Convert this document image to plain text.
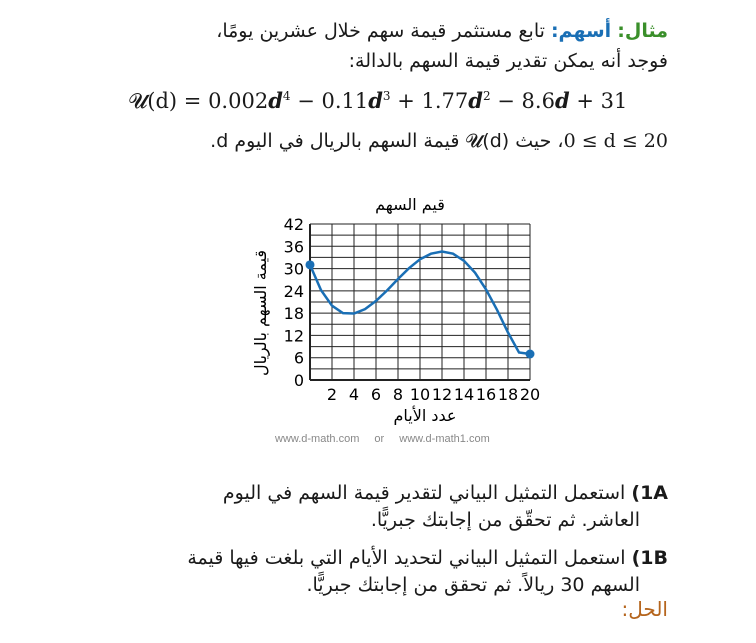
مثال: أسهم: تابع مستثمر قيمة سهم خلال عشرين يومًا،
فوجد أنه يمكن تقدير قيمة السهم بالدالة:
𝓤(d) = $0.002d^4 - 0.11d^3 + 1.77d^2 - 8.6d + 31$
0 ≤ d ≤ 20، حيث 𝓤(d) قيمة السهم بالريال في اليوم d.
قيم السهم
0
6
12
18
24
30
36
42
2 4 6 8 10 12 14 16 18 20
عدد الأيام
قيمة السهم بالريال
www.d-math.com or www.d-math1.com
1A) استعمل التمثيل البياني لتقدير قيمة السهم في اليوم
العاشر. ثم تحقّق من إجابتك جبريًّا.
1B) استعمل التمثيل البياني لتحديد الأيام التي بلغت فيها قيمة
السهم 30 ريالاً. ثم تحقق من إجابتك جبريًّا.
الحل:
